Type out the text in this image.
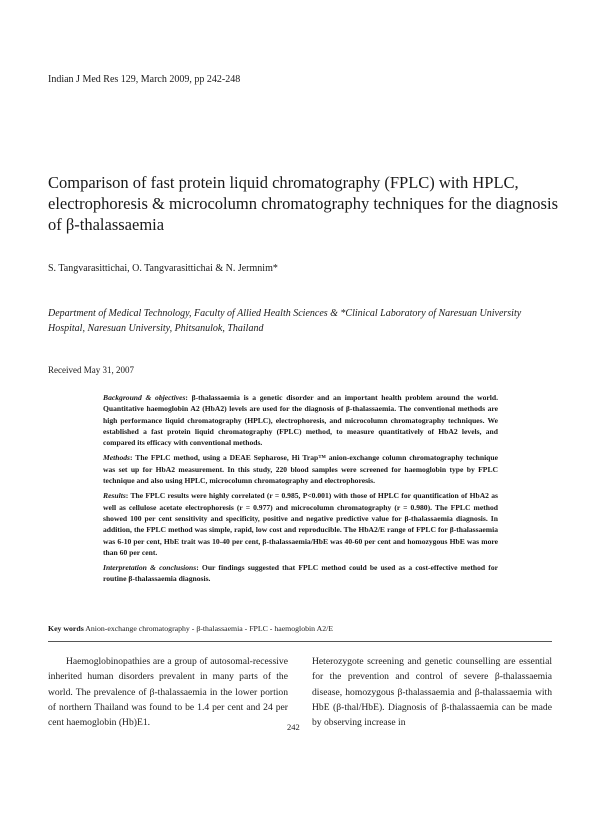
Indian J Med Res 129, March 2009, pp 242-248
Comparison of fast protein liquid chromatography (FPLC) with HPLC, electrophoresis & microcolumn chromatography techniques for the diagnosis of β-thalassaemia
S. Tangvarasittichai, O. Tangvarasittichai & N. Jermnim*
Department of Medical Technology, Faculty of Allied Health Sciences & *Clinical Laboratory of Naresuan University Hospital, Naresuan University, Phitsanulok, Thailand
Received May 31, 2007

Background & objectives: β-thalassaemia is a genetic disorder and an important health problem around the world. Quantitative haemoglobin A2 (HbA2) levels are used for the diagnosis of β-thalassaemia. The conventional methods are high performance liquid chromatography (HPLC), electrophoresis, and microcolumn chromatography techniques. We established a fast protein liquid chromatography (FPLC) method, to measure quantitatively of HbA2 levels, and compared its efficacy with conventional methods.

Methods: The FPLC method, using a DEAE Sepharose, Hi Trap™ anion-exchange column chromatography technique was set up for HbA2 measurement. In this study, 220 blood samples were screened for haemoglobin type by FPLC technique and also using HPLC, microcolumn chromatography and electrophoresis.

Results: The FPLC results were highly correlated (r = 0.985, P<0.001) with those of HPLC for quantification of HbA2 as well as cellulose acetate electrophoresis (r = 0.977) and microcolumn chromatography (r = 0.980). The FPLC method showed 100 per cent sensitivity and specificity, positive and negative predictive value for β-thalassaemia diagnosis. In addition, the FPLC method was simple, rapid, low cost and reproducible. The HbA2/E range of FPLC for β-thalassaemia was 6-10 per cent, HbE trait was 10-40 per cent, β-thalassaemia/HbE was 40-60 per cent and homozygous HbE was more than 60 per cent.

Interpretation & conclusions: Our findings suggested that FPLC method could be used as a cost-effective method for routine β-thalassaemia diagnosis.

Key words Anion-exchange chromatography - β-thalassaemia - FPLC - haemoglobin A2/E

Haemoglobinopathies are a group of autosomal-recessive inherited human disorders prevalent in many parts of the world. The prevalence of β-thalassaemia in the lower portion of northern Thailand was found to be 1.4 per cent and 24 per cent haemoglobin (Hb)E1.

Heterozygote screening and genetic counselling are essential for the prevention and control of severe β-thalassaemia disease, homozygous β-thalassaemia and β-thalassaemia with HbE (β-thal/HbE). Diagnosis of β-thalassaemia can be made by observing increase in

242
